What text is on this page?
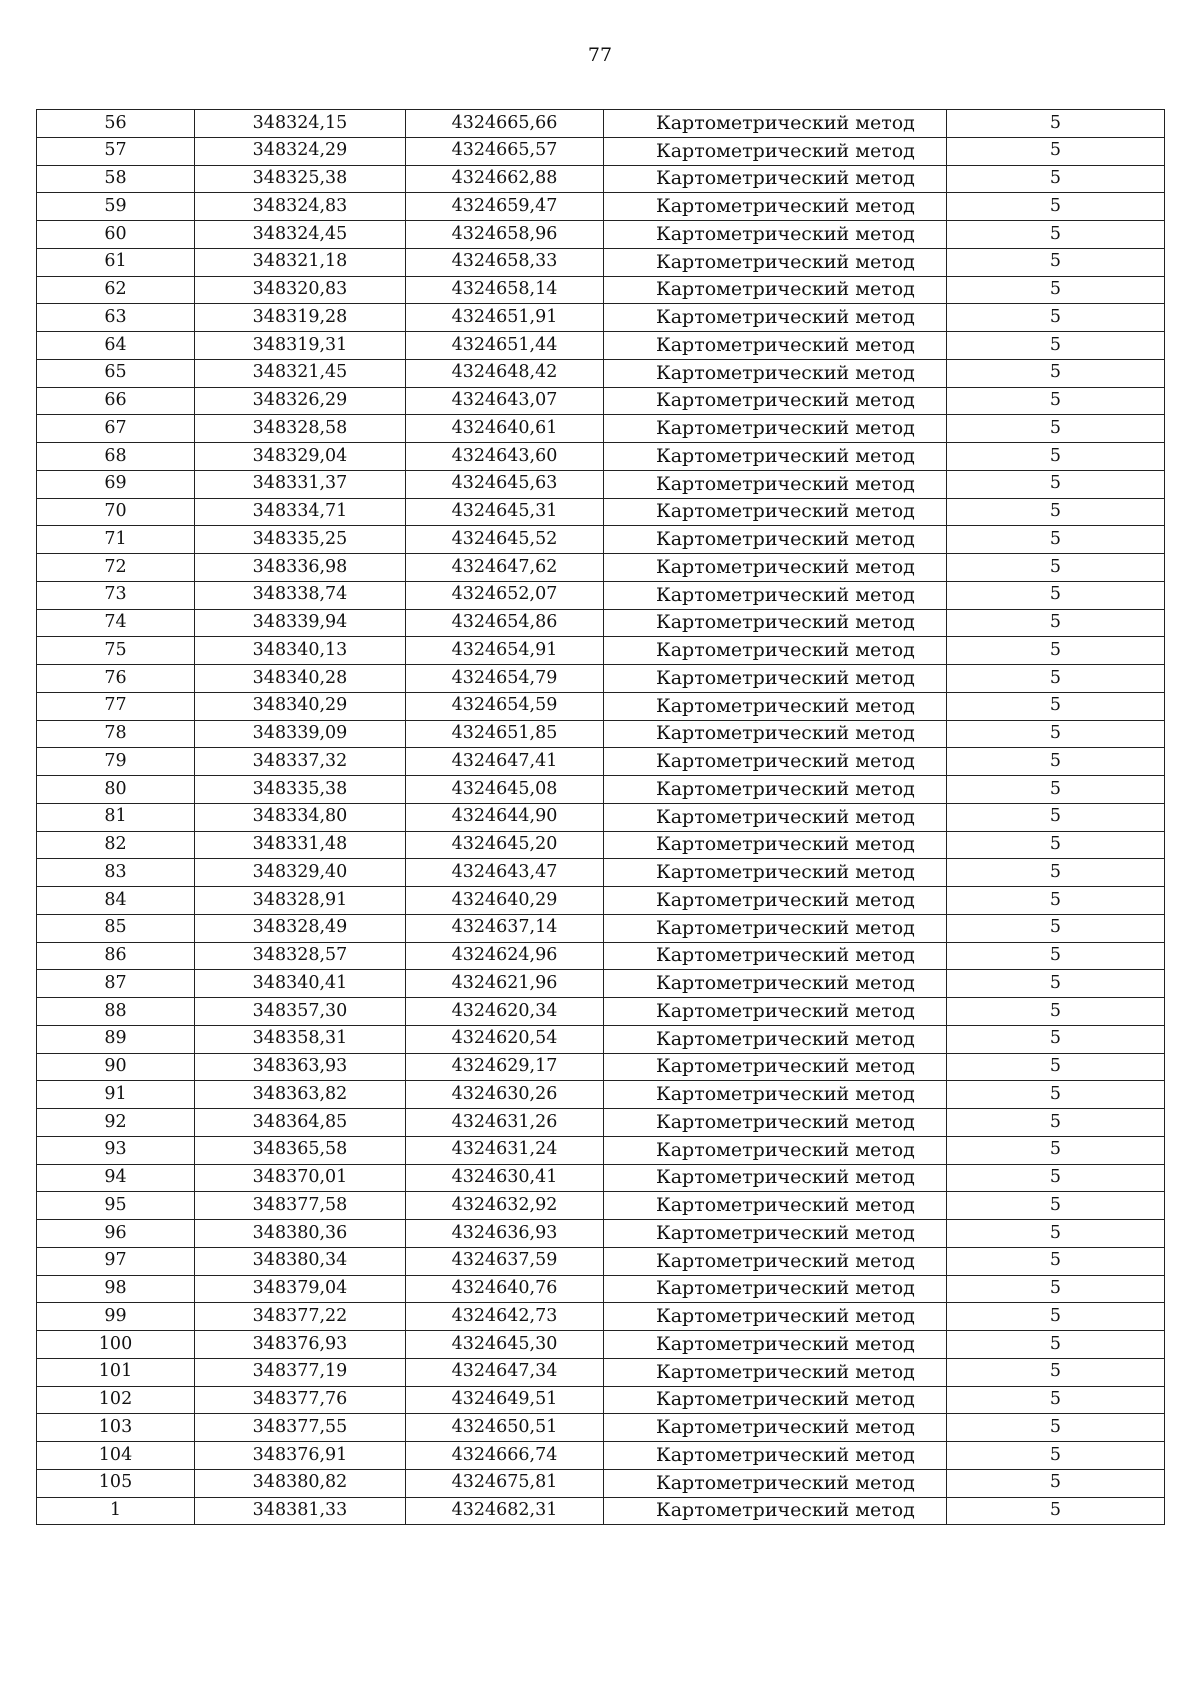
77
56	348324,15	4324665,66	Картометрический метод	5
57	348324,29	4324665,57	Картометрический метод	5
58	348325,38	4324662,88	Картометрический метод	5
59	348324,83	4324659,47	Картометрический метод	5
60	348324,45	4324658,96	Картометрический метод	5
61	348321,18	4324658,33	Картометрический метод	5
62	348320,83	4324658,14	Картометрический метод	5
63	348319,28	4324651,91	Картометрический метод	5
64	348319,31	4324651,44	Картометрический метод	5
65	348321,45	4324648,42	Картометрический метод	5
66	348326,29	4324643,07	Картометрический метод	5
67	348328,58	4324640,61	Картометрический метод	5
68	348329,04	4324643,60	Картометрический метод	5
69	348331,37	4324645,63	Картометрический метод	5
70	348334,71	4324645,31	Картометрический метод	5
71	348335,25	4324645,52	Картометрический метод	5
72	348336,98	4324647,62	Картометрический метод	5
73	348338,74	4324652,07	Картометрический метод	5
74	348339,94	4324654,86	Картометрический метод	5
75	348340,13	4324654,91	Картометрический метод	5
76	348340,28	4324654,79	Картометрический метод	5
77	348340,29	4324654,59	Картометрический метод	5
78	348339,09	4324651,85	Картометрический метод	5
79	348337,32	4324647,41	Картометрический метод	5
80	348335,38	4324645,08	Картометрический метод	5
81	348334,80	4324644,90	Картометрический метод	5
82	348331,48	4324645,20	Картометрический метод	5
83	348329,40	4324643,47	Картометрический метод	5
84	348328,91	4324640,29	Картометрический метод	5
85	348328,49	4324637,14	Картометрический метод	5
86	348328,57	4324624,96	Картометрический метод	5
87	348340,41	4324621,96	Картометрический метод	5
88	348357,30	4324620,34	Картометрический метод	5
89	348358,31	4324620,54	Картометрический метод	5
90	348363,93	4324629,17	Картометрический метод	5
91	348363,82	4324630,26	Картометрический метод	5
92	348364,85	4324631,26	Картометрический метод	5
93	348365,58	4324631,24	Картометрический метод	5
94	348370,01	4324630,41	Картометрический метод	5
95	348377,58	4324632,92	Картометрический метод	5
96	348380,36	4324636,93	Картометрический метод	5
97	348380,34	4324637,59	Картометрический метод	5
98	348379,04	4324640,76	Картометрический метод	5
99	348377,22	4324642,73	Картометрический метод	5
100	348376,93	4324645,30	Картометрический метод	5
101	348377,19	4324647,34	Картометрический метод	5
102	348377,76	4324649,51	Картометрический метод	5
103	348377,55	4324650,51	Картометрический метод	5
104	348376,91	4324666,74	Картометрический метод	5
105	348380,82	4324675,81	Картометрический метод	5
1	348381,33	4324682,31	Картометрический метод	5
